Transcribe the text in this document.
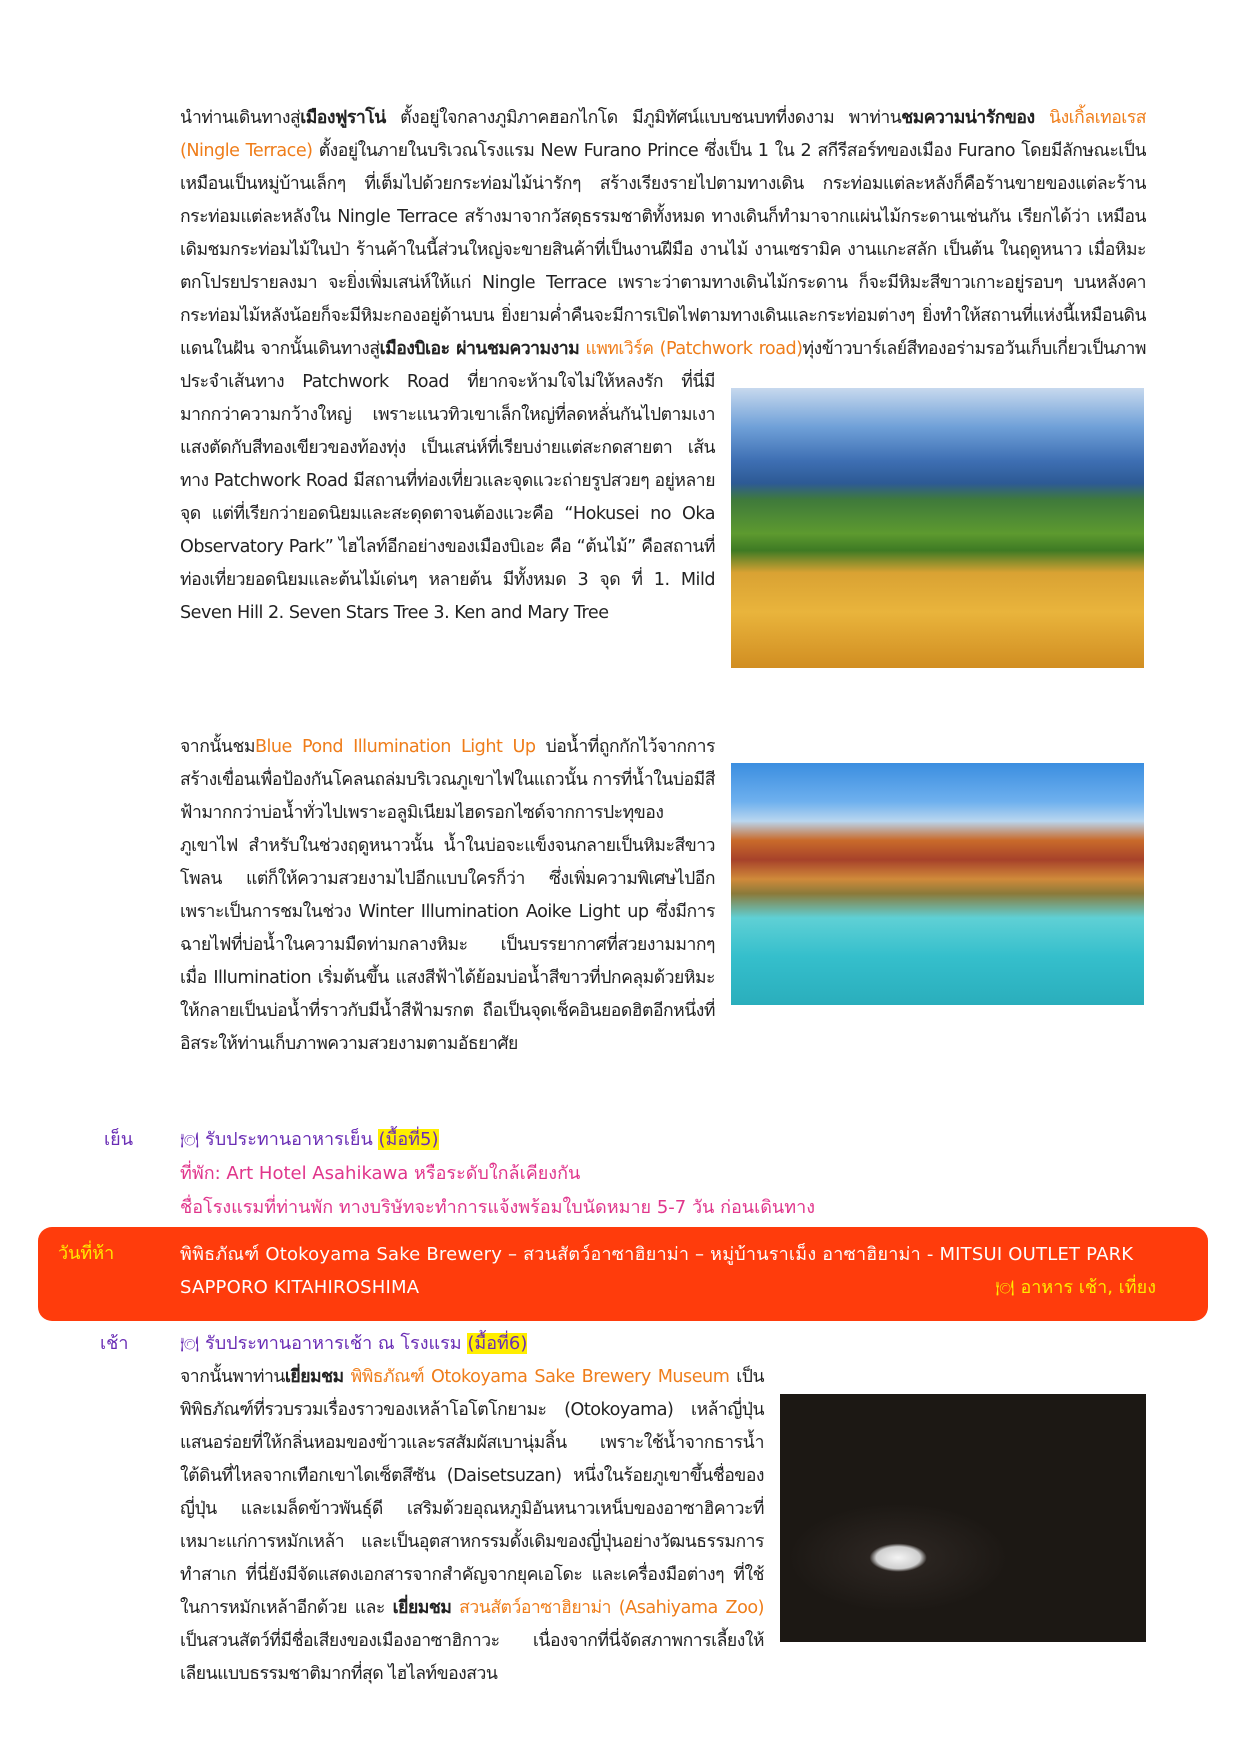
นำท่านเดินทางสู่เมืองฟูราโน่ ตั้งอยู่ใจกลางภูมิภาคฮอกไกโด มีภูมิทัศน์แบบชนบทที่งดงาม พาท่านชมความน่ารักของ นิงเกิ้ลเทอเรส (Ningle Terrace) ตั้งอยู่ในภายในบริเวณโรงแรม New Furano Prince ซึ่งเป็น 1 ใน 2 สกีรีสอร์ทของเมือง Furano โดยมีลักษณะเป็นเหมือนเป็นหมู่บ้านเล็กๆ ที่เต็มไปด้วยกระท่อมไม้น่ารักๆ สร้างเรียงรายไปตามทางเดิน กระท่อมแต่ละหลังก็คือร้านขายของแต่ละร้าน กระท่อมแต่ละหลังใน Ningle Terrace สร้างมาจากวัสดุธรรมชาติทั้งหมด ทางเดินก็ทำมาจากแผ่นไม้กระดานเช่นกัน เรียกได้ว่า เหมือนเดิมชมกระท่อมไม้ในป่า ร้านค้าในนี้ส่วนใหญ่จะขายสินค้าที่เป็นงานฝีมือ งานไม้ งานเซรามิค งานแกะสลัก เป็นต้น ในฤดูหนาว เมื่อหิมะตกโปรยปรายลงมา จะยิ่งเพิ่มเสน่ห์ให้แก่ Ningle Terrace เพราะว่าตามทางเดินไม้กระดาน ก็จะมีหิมะสีขาวเกาะอยู่รอบๆ บนหลังคากระท่อมไม้หลังน้อยก็จะมีหิมะกองอยู่ด้านบน ยิ่งยามค่ำคืนจะมีการเปิดไฟตามทางเดินและกระท่อมต่างๆ ยิ่งทำให้สถานที่แห่งนี้เหมือนดินแดนในฝัน จากนั้นเดินทางสู่เมืองบิเอะ ผ่านชมความงาม แพทเวิร์ค (Patchwork road)ทุ่งข้าวบาร์เลย์สีทองอร่ามรอวันเก็บเกี่ยวเป็นภาพประจำเส้นทาง Patchwork Road ที่ยากจะห้ามใจไม่ให้หลงรัก ที่นี่มีมากกว่าความกว้างใหญ่ เพราะแนวทิวเขาเล็กใหญ่ที่ลดหลั่นกันไปตามเงาแสงตัดกับสีทองเขียวของท้องทุ่ง เป็นเสน่ห์ที่เรียบง่ายแต่สะกดสายตา เส้นทาง Patchwork Road มีสถานที่ท่องเที่ยวและจุดแวะถ่ายรูปสวยๆ อยู่หลายจุด แต่ที่เรียกว่ายอดนิยมและสะดุดตาจนต้องแวะคือ “Hokusei no Oka Observatory Park” ไฮไลท์อีกอย่างของเมืองบิเอะ คือ “ต้นไม้” คือสถานที่ท่องเที่ยวยอดนิยมและต้นไม้เด่นๆ หลายต้น มีทั้งหมด 3 จุด ที่ 1. Mild Seven Hill 2. Seven Stars Tree 3. Ken and Mary Tree

จากนั้นชมBlue Pond Illumination Light Up บ่อน้ำที่ถูกกักไว้จากการสร้างเขื่อนเพื่อป้องกันโคลนถล่มบริเวณภูเขาไฟในแถวนั้น การที่น้ำในบ่อมีสีฟ้ามากกว่าบ่อน้ำทั่วไปเพราะอลูมิเนียมไฮดรอกไซด์จากการปะทุของภูเขาไฟ สำหรับในช่วงฤดูหนาวนั้น น้ำในบ่อจะแข็งจนกลายเป็นหิมะสีขาวโพลน แต่ก็ให้ความสวยงามไปอีกแบบใครก็ว่า ซึ่งเพิ่มความพิเศษไปอีก เพราะเป็นการชมในช่วง Winter Illumination Aoike Light up ซึ่งมีการฉายไฟที่บ่อน้ำในความมืดท่ามกลางหิมะ เป็นบรรยากาศที่สวยงามมากๆ เมื่อ Illumination เริ่มต้นขึ้น แสงสีฟ้าได้ย้อมบ่อน้ำสีขาวที่ปกคลุมด้วยหิมะให้กลายเป็นบ่อน้ำที่ราวกับมีน้ำสีฟ้ามรกต ถือเป็นจุดเช็คอินยอดฮิตอีกหนึ่งที่ อิสระให้ท่านเก็บภาพความสวยงามตามอัธยาศัย

เย็น	🍽 รับประทานอาหารเย็น (มื้อที่5)
ที่พัก: Art Hotel Asahikawa หรือระดับใกล้เคียงกัน
ชื่อโรงแรมที่ท่านพัก ทางบริษัทจะทำการแจ้งพร้อมใบนัดหมาย 5-7 วัน ก่อนเดินทาง
วันที่ห้า	พิพิธภัณฑ์ Otokoyama Sake Brewery – สวนสัตว์อาซาฮิยาม่า – หมู่บ้านราเม็ง อาซาฮิยาม่า - MITSUI OUTLET PARK SAPPORO KITAHIROSHIMA	🍽 อาหาร เช้า, เที่ยง
เช้า	🍽 รับประทานอาหารเช้า ณ โรงแรม (มื้อที่6)

จากนั้นพาท่านเยี่ยมชม พิพิธภัณฑ์ Otokoyama Sake Brewery Museum เป็นพิพิธภัณฑ์ที่รวบรวมเรื่องราวของเหล้าโอโตโกยามะ (Otokoyama) เหล้าญี่ปุ่นแสนอร่อยที่ให้กลิ่นหอมของข้าวและรสสัมผัสเบานุ่มลิ้น เพราะใช้น้ำจากธารน้ำใต้ดินที่ไหลจากเทือกเขาไดเซ็ตสึซัน (Daisetsuzan) หนึ่งในร้อยภูเขาขึ้นชื่อของญี่ปุ่น และเมล็ดข้าวพันธุ์ดี เสริมด้วยอุณหภูมิอันหนาวเหน็บของอาซาฮิคาวะที่เหมาะแก่การหมักเหล้า และเป็นอุตสาหกรรมดั้งเดิมของญี่ปุ่นอย่างวัฒนธรรมการทำสาเก ที่นี่ยังมีจัดแสดงเอกสารจากสำคัญจากยุคเอโดะ และเครื่องมือต่างๆ ที่ใช้ในการหมักเหล้าอีกด้วย และ เยี่ยมชม สวนสัตว์อาซาฮิยาม่า (Asahiyama Zoo) เป็นสวนสัตว์ที่มีชื่อเสียงของเมืองอาซาฮิกาวะ เนื่องจากที่นี่จัดสภาพการเลี้ยงให้เลียนแบบธรรมชาติมากที่สุด ไฮไลท์ของสวน
